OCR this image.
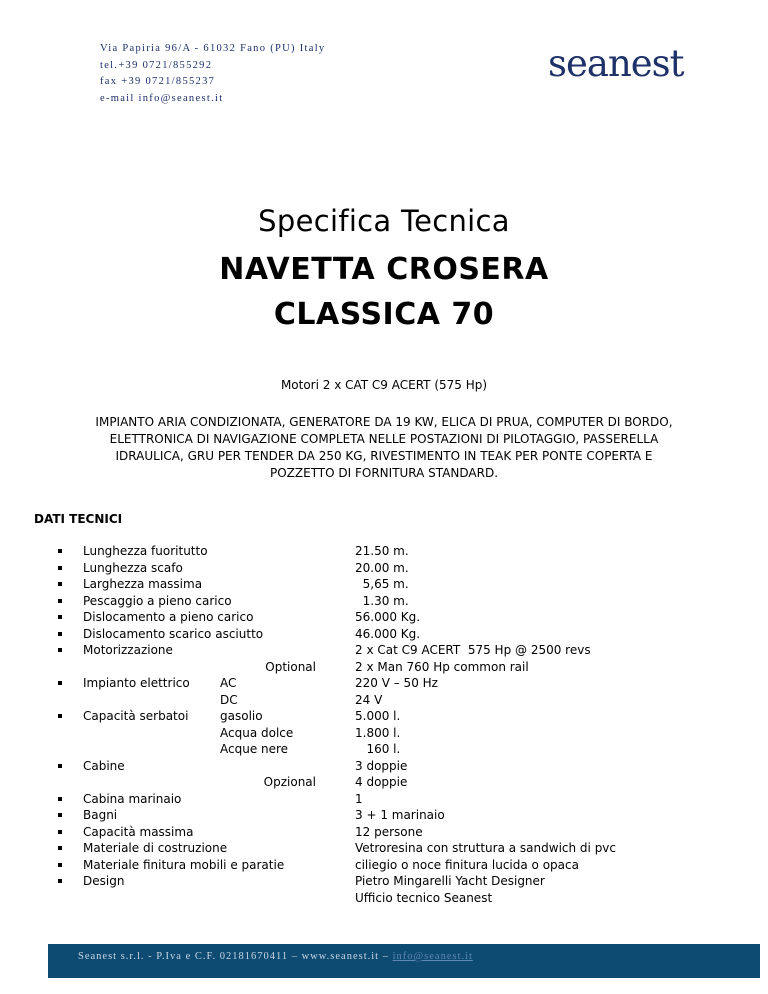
Via Papiria 96/A - 61032 Fano (PU) Italy
tel.+39 0721/855292
fax +39 0721/855237
e-mail info@seanest.it
seanest
Specifica Tecnica
NAVETTA CROSERA
CLASSICA 70
Motori 2 x CAT C9 ACERT (575 Hp)
IMPIANTO ARIA CONDIZIONATA, GENERATORE DA 19 KW, ELICA DI PRUA, COMPUTER DI BORDO,
ELETTRONICA DI NAVIGAZIONE COMPLETA NELLE POSTAZIONI DI PILOTAGGIO, PASSERELLA
IDRAULICA, GRU PER TENDER DA 250 KG, RIVESTIMENTO IN TEAK PER PONTE COPERTA E
POZZETTO DI FORNITURA STANDARD.
DATI TECNICI
Lunghezza fuoritutto	21.50 m.
Lunghezza scafo	20.00 m.
Larghezza massima	5,65 m.
Pescaggio a pieno carico	1.30 m.
Dislocamento a pieno carico	56.000 Kg.
Dislocamento scarico asciutto	46.000 Kg.
Motorizzazione	2 x Cat C9 ACERT  575 Hp @ 2500 revs
Optional	2 x Man 760 Hp common rail
Impianto elettrico	AC	220 V – 50 Hz
DC	24 V
Capacità serbatoi	gasolio	5.000 l.
Acqua dolce	1.800 l.
Acque nere	160 l.
Cabine	3 doppie
Opzional	4 doppie
Cabina marinaio	1
Bagni	3 + 1 marinaio
Capacità massima	12 persone
Materiale di costruzione	Vetroresina con struttura a sandwich di pvc
Materiale finitura mobili e paratie	ciliegio o noce finitura lucida o opaca
Design	Pietro Mingarelli Yacht Designer
Ufficio tecnico Seanest
Seanest s.r.l. - P.Iva e C.F. 02181670411 – www.seanest.it – info@seanest.it
